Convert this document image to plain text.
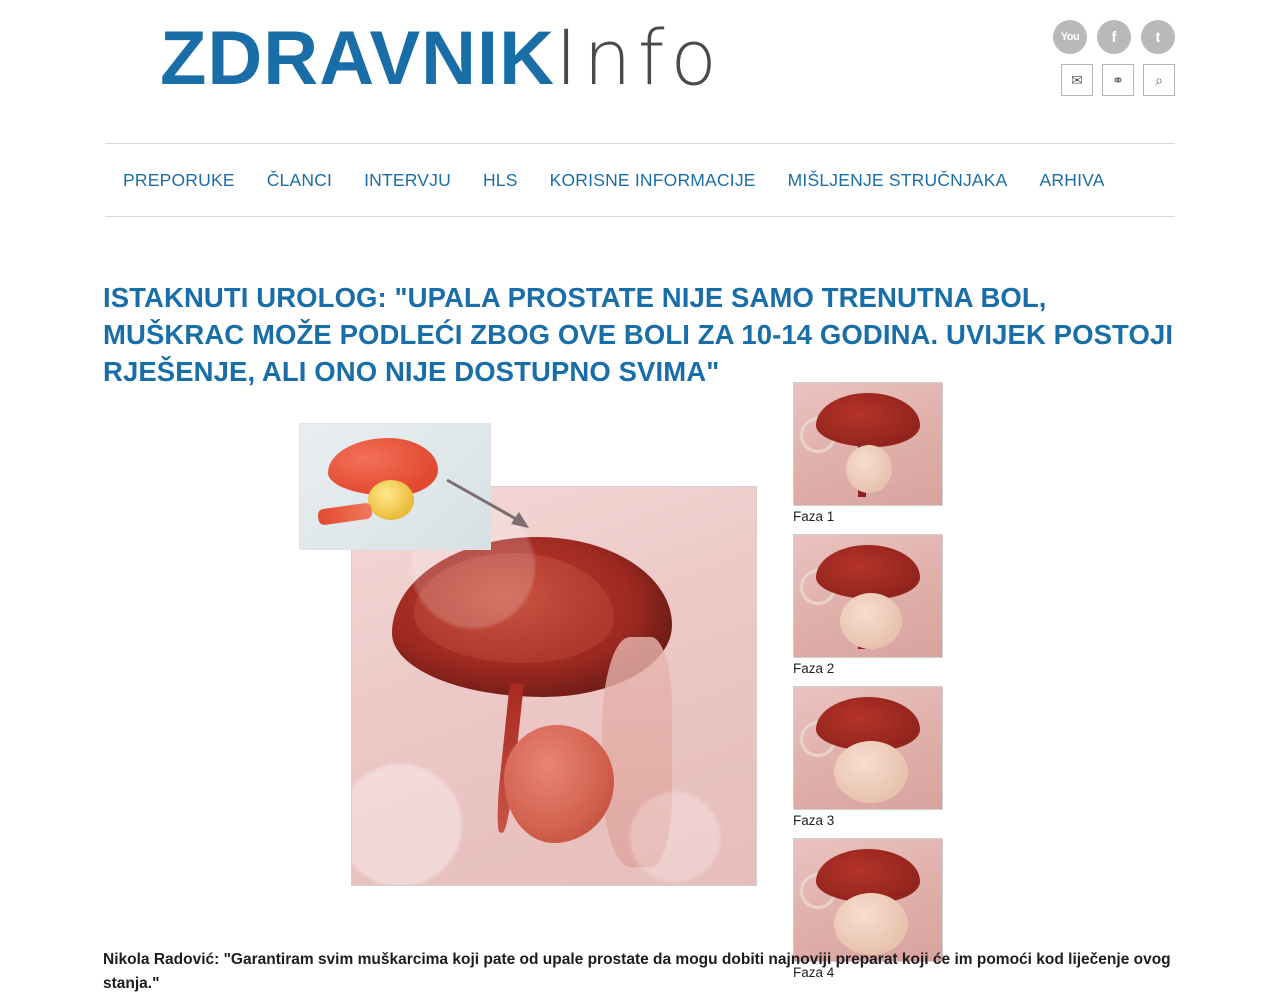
ZDRAVNIKInfo	You	f	t
✉	⚭	⌕
PREPORUKE	ČLANCI	INTERVJU	HLS	KORISNE INFORMACIJE	MIŠLJENJE STRUČNJAKA	ARHIVA
ISTAKNUTI UROLOG: "UPALA PROSTATE NIJE SAMO TRENUTNA BOL, MUŠKRAC MOŽE PODLEĆI ZBOG OVE BOLI ZA 10-14 GODINA. UVIJEK POSTOJI RJEŠENJE, ALI ONO NIJE DOSTUPNO SVIMA"
Faza 1
Faza 2
Faza 3
Faza 4

Nikola Radović: "Garantiram svim muškarcima koji pate od upale prostate da mogu dobiti najnoviji preparat koji će im pomoći kod liječenje ovog stanja."
